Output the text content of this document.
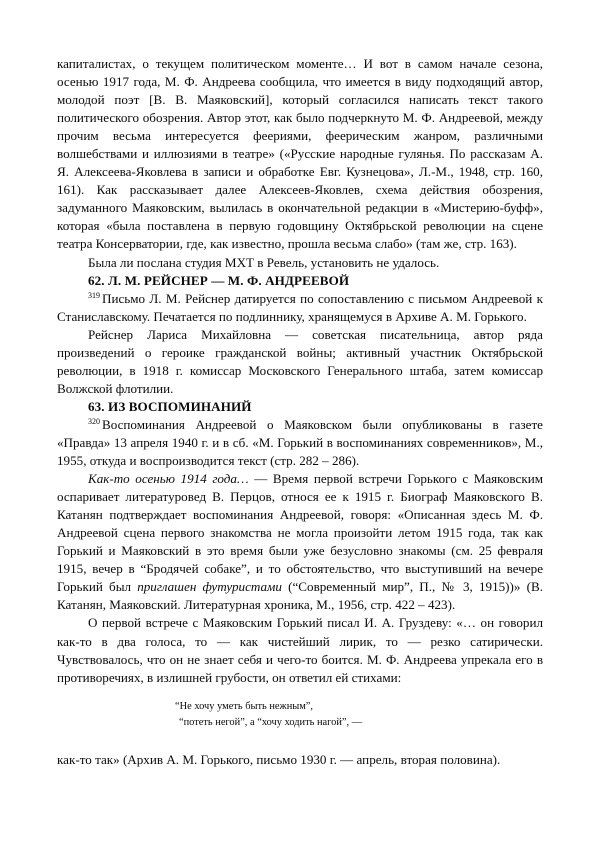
капиталистах, о текущем политическом моменте… И вот в самом начале сезона, осенью 1917 года, М. Ф. Андреева сообщила, что имеется в виду подходящий автор, молодой поэт [В. В. Маяковский], который согласился написать текст такого политического обозрения. Автор этот, как было подчеркнуто М. Ф. Андреевой, между прочим весьма интересуется феериями, феерическим жанром, различными волшебствами и иллюзиями в театре» («Русские народные гулянья. По рассказам А. Я. Алексеева-Яковлева в записи и обработке Евг. Кузнецова», Л.-М., 1948, стр. 160, 161). Как рассказывает далее Алексеев-Яковлев, схема действия обозрения, задуманного Маяковским, вылилась в окончательной редакции в «Мистерию-буфф», которая «была поставлена в первую годовщину Октябрьской революции на сцене театра Консерватории, где, как известно, прошла весьма слабо» (там же, стр. 163).

Была ли послана студия МХТ в Ревель, установить не удалось.

62. Л. М. РЕЙСНЕР — М. Ф. АНДРЕЕВОЙ

$^{319}$ Письмо Л. М. Рейснер датируется по сопоставлению с письмом Андреевой к Станиславскому. Печатается по подлиннику, хранящемуся в Архиве А. М. Горького.

Рейснер Лариса Михайловна — советская писательница, автор ряда произведений о героике гражданской войны; активный участник Октябрьской революции, в 1918 г. комиссар Московского Генерального штаба, затем комиссар Волжской флотилии.

63. ИЗ ВОСПОМИНАНИЙ

$^{320}$ Воспоминания Андреевой о Маяковском были опубликованы в газете «Правда» 13 апреля 1940 г. и в сб. «М. Горький в воспоминаниях современников», М., 1955, откуда и воспроизводится текст (стр. 282 – 286).

Как-то осенью 1914 года… — Время первой встречи Горького с Маяковским оспаривает литературовед В. Перцов, относя ее к 1915 г. Биограф Маяковского В. Катанян подтверждает воспоминания Андреевой, говоря: «Описанная здесь М. Ф. Андреевой сцена первого знакомства не могла произойти летом 1915 года, так как Горький и Маяковский в это время были уже безусловно знакомы (см. 25 февраля 1915, вечер в “Бродячей собаке”, и то обстоятельство, что выступивший на вечере Горький был приглашен футуристами (“Современный мир”, П., № 3, 1915))» (В. Катанян, Маяковский. Литературная хроника, М., 1956, стр. 422 – 423).

О первой встрече с Маяковским Горький писал И. А. Груздеву: «… он говорил как-то в два голоса, то — как чистейший лирик, то — резко сатирически. Чувствовалось, что он не знает себя и чего-то боится. М. Ф. Андреева упрекала его в противоречиях, в излишней грубости, он ответил ей стихами:

“Не хочу уметь быть нежным”,
“потеть негой”, а “хочу ходить нагой”, —

как-то так» (Архив А. М. Горького, письмо 1930 г. — апрель, вторая половина).
